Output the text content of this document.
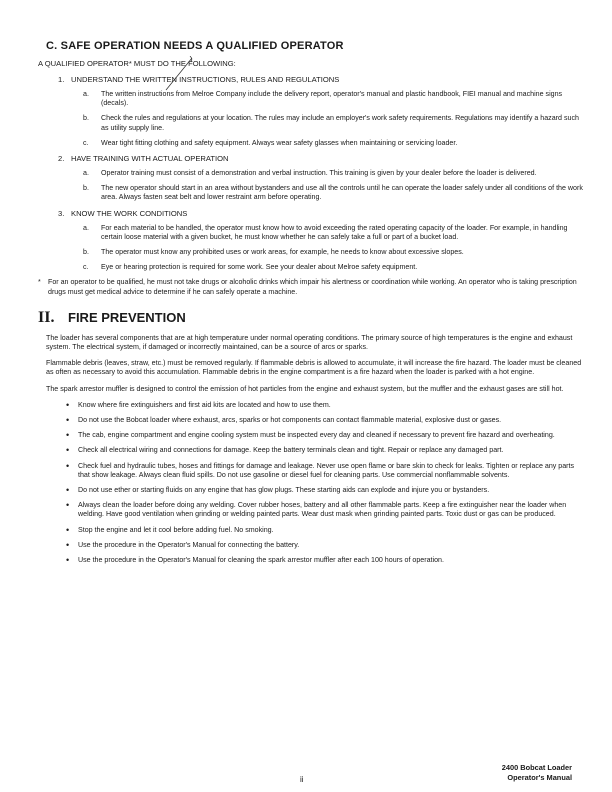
C. SAFE OPERATION NEEDS A QUALIFIED OPERATOR
A QUALIFIED OPERATOR* MUST DO THE FOLLOWING:
1. UNDERSTAND THE WRITTEN INSTRUCTIONS, RULES AND REGULATIONS
a. The written instructions from Melroe Company include the delivery report, operator's manual and plastic handbook, FIEI manual and machine signs (decals).
b. Check the rules and regulations at your location. The rules may include an employer's work safety requirements. Regulations may identify a hazard such as utility supply line.
c. Wear tight fitting clothing and safety equipment. Always wear safety glasses when maintaining or servicing loader.
2. HAVE TRAINING WITH ACTUAL OPERATION
a. Operator training must consist of a demonstration and verbal instruction. This training is given by your dealer before the loader is delivered.
b. The new operator should start in an area without bystanders and use all the controls until he can operate the loader safely under all conditions of the work area. Always fasten seat belt and lower restraint arm before operating.
3. KNOW THE WORK CONDITIONS
a. For each material to be handled, the operator must know how to avoid exceeding the rated operating capacity of the loader. For example, in handling certain loose material with a given bucket, he must know whether he can safely take a full or part of a bucket load.
b. The operator must know any prohibited uses or work areas, for example, he needs to know about excessive slopes.
c. Eye or hearing protection is required for some work. See your dealer about Melroe safety equipment.
* For an operator to be qualified, he must not take drugs or alcoholic drinks which impair his alertness or coordination while working. An operator who is taking prescription drugs must get medical advice to determine if he can safely operate a machine.
II. FIRE PREVENTION
The loader has several components that are at high temperature under normal operating conditions. The primary source of high temperatures is the engine and exhaust system. The electrical system, if damaged or incorrectly maintained, can be a source of arcs or sparks.
Flammable debris (leaves, straw, etc.) must be removed regularly. If flammable debris is allowed to accumulate, it will increase the fire hazard. The loader must be cleaned as often as necessary to avoid this accumulation. Flammable debris in the engine compartment is a fire hazard when the loader is parked with a hot engine.
The spark arrestor muffler is designed to control the emission of hot particles from the engine and exhaust system, but the muffler and the exhaust gases are still hot.
• Know where fire extinguishers and first aid kits are located and how to use them.
• Do not use the Bobcat loader where exhaust, arcs, sparks or hot components can contact flammable material, explosive dust or gases.
• The cab, engine compartment and engine cooling system must be inspected every day and cleaned if necessary to prevent fire hazard and overheating.
• Check all electrical wiring and connections for damage. Keep the battery terminals clean and tight. Repair or replace any damaged part.
• Check fuel and hydraulic tubes, hoses and fittings for damage and leakage. Never use open flame or bare skin to check for leaks. Tighten or replace any parts that show leakage. Always clean fluid spills. Do not use gasoline or diesel fuel for cleaning parts. Use commercial nonflammable solvents.
• Do not use ether or starting fluids on any engine that has glow plugs. These starting aids can explode and injure you or bystanders.
• Always clean the loader before doing any welding. Cover rubber hoses, battery and all other flammable parts. Keep a fire extinguisher near the loader when welding. Have good ventilation when grinding or welding painted parts. Wear dust mask when grinding painted parts. Toxic dust or gas can be produced.
• Stop the engine and let it cool before adding fuel. No smoking.
• Use the procedure in the Operator's Manual for connecting the battery.
• Use the procedure in the Operator's Manual for cleaning the spark arrestor muffler after each 100 hours of operation.
ii
2400 Bobcat Loader
Operator's Manual
